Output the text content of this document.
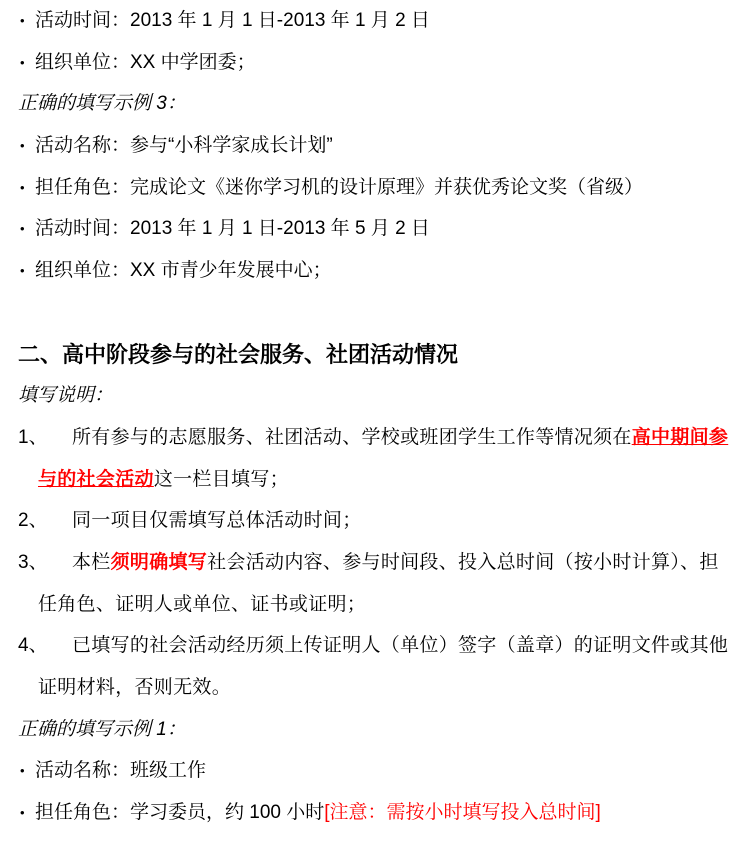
• 活动时间：2013 年 1 月 1 日-2013 年 1 月 2 日
• 组织单位：XX 中学团委；
正确的填写示例 3：
• 活动名称：参与“小科学家成长计划”
• 担任角色：完成论文《迷你学习机的设计原理》并获优秀论文奖（省级）
• 活动时间：2013 年 1 月 1 日-2013 年 5 月 2 日
• 组织单位：XX 市青少年发展中心；
二、高中阶段参与的社会服务、社团活动情况
填写说明：
1、 所有参与的志愿服务、社团活动、学校或班团学生工作等情况须在高中期间参
与的社会活动这一栏目填写；
2、 同一项目仅需填写总体活动时间；
3、 本栏须明确填写社会活动内容、参与时间段、投入总时间（按小时计算）、担
任角色、证明人或单位、证书或证明；
4、 已填写的社会活动经历须上传证明人（单位）签字（盖章）的证明文件或其他
证明材料，否则无效。
正确的填写示例 1：
• 活动名称：班级工作
• 担任角色：学习委员，约 100 小时[注意：需按小时填写投入总时间]
